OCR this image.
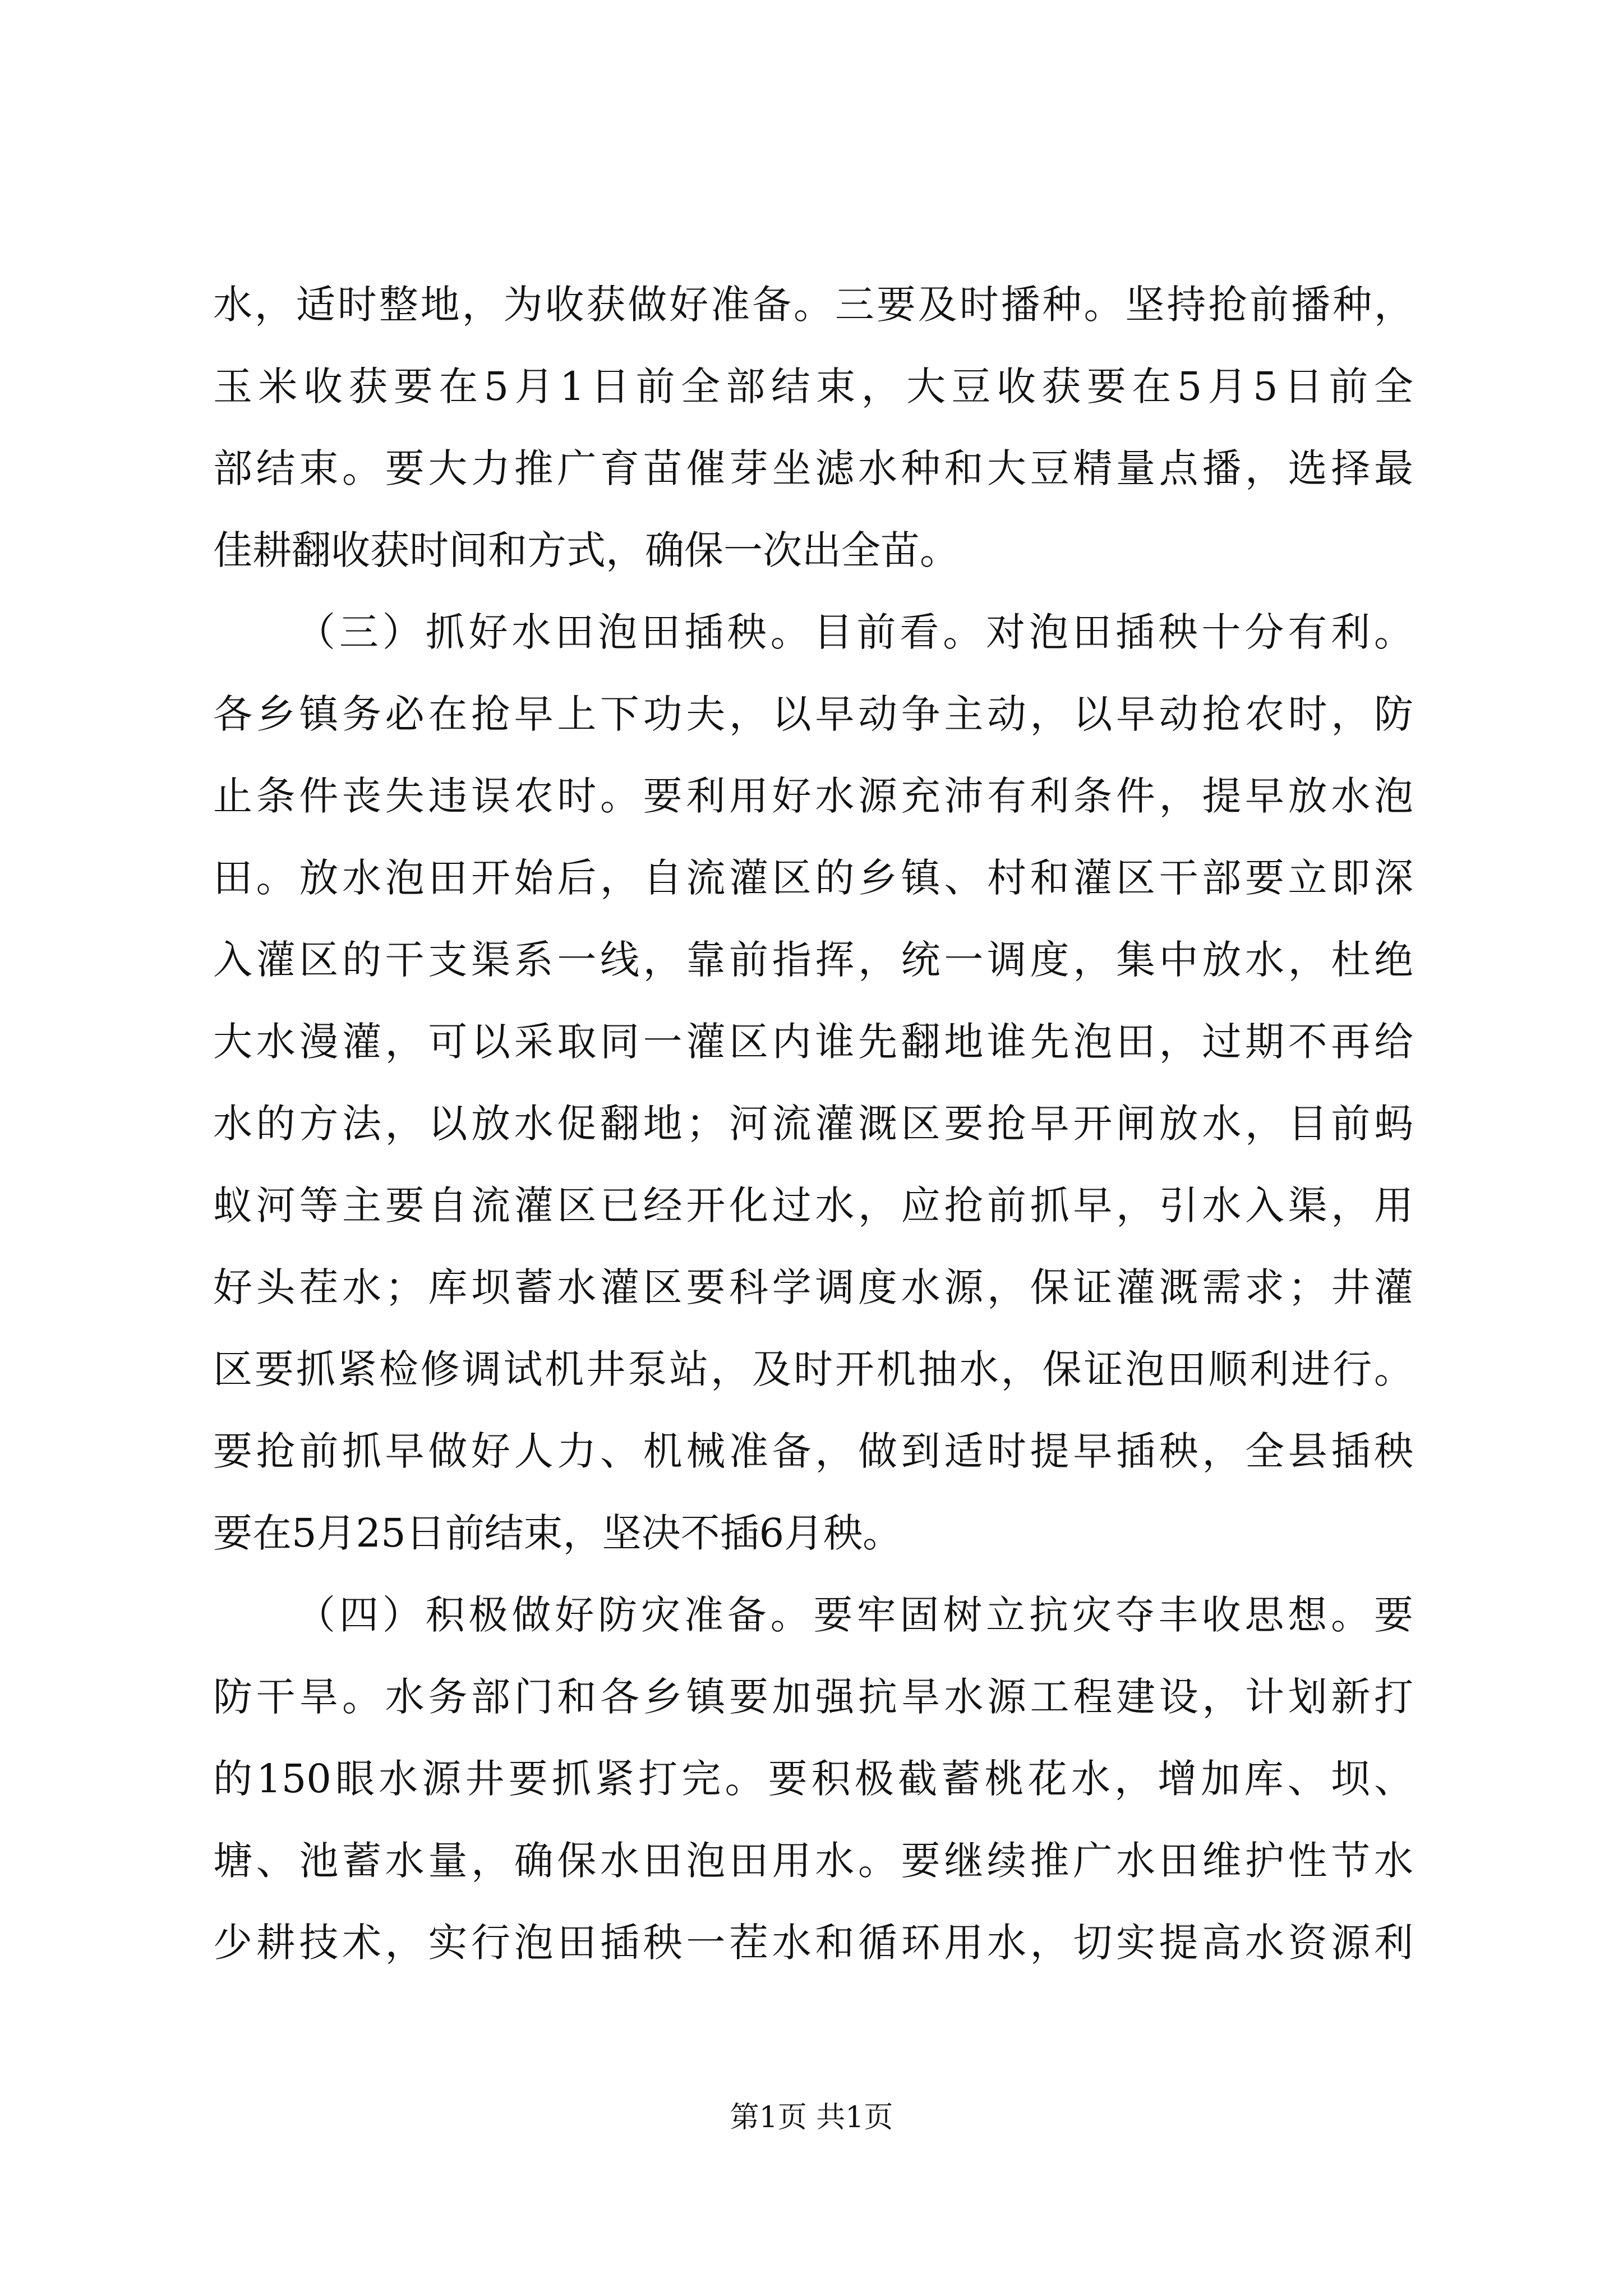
水，适时整地，为收获做好准备。三要及时播种。坚持抢前播种，
玉米收获要在5月1日前全部结束，大豆收获要在5月5日前全
部结束。要大力推广育苗催芽坐滤水种和大豆精量点播，选择最
佳耕翻收获时间和方式，确保一次出全苗。
（三）抓好水田泡田插秧。目前看。对泡田插秧十分有利。
各乡镇务必在抢早上下功夫，以早动争主动，以早动抢农时，防
止条件丧失违误农时。要利用好水源充沛有利条件，提早放水泡
田。放水泡田开始后，自流灌区的乡镇、村和灌区干部要立即深
入灌区的干支渠系一线，靠前指挥，统一调度，集中放水，杜绝
大水漫灌，可以采取同一灌区内谁先翻地谁先泡田，过期不再给
水的方法，以放水促翻地；河流灌溉区要抢早开闸放水，目前蚂
蚁河等主要自流灌区已经开化过水，应抢前抓早，引水入渠，用
好头茬水；库坝蓄水灌区要科学调度水源，保证灌溉需求；井灌
区要抓紧检修调试机井泵站，及时开机抽水，保证泡田顺利进行。
要抢前抓早做好人力、机械准备，做到适时提早插秧，全县插秧
要在5月25日前结束，坚决不插6月秧。
（四）积极做好防灾准备。要牢固树立抗灾夺丰收思想。要
防干旱。水务部门和各乡镇要加强抗旱水源工程建设，计划新打
的150眼水源井要抓紧打完。要积极截蓄桃花水，增加库、坝、
塘、池蓄水量，确保水田泡田用水。要继续推广水田维护性节水
少耕技术，实行泡田插秧一茬水和循环用水，切实提高水资源利
第1页 共1页
